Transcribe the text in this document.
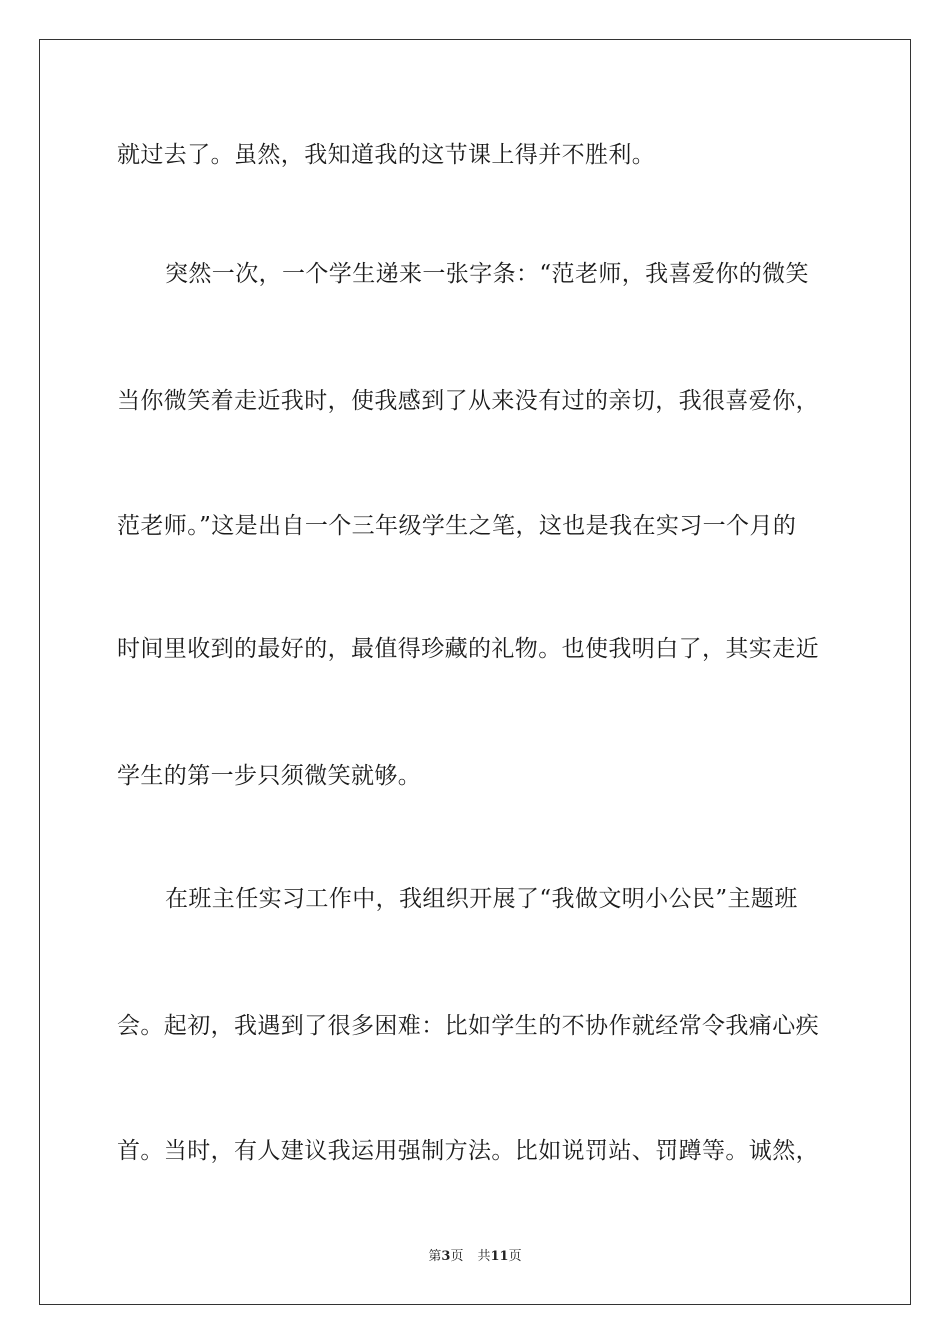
就过去了。虽然，我知道我的这节课上得并不胜利。
突然一次，一个学生递来一张字条：“范老师，我喜爱你的微笑
当你微笑着走近我时，使我感到了从来没有过的亲切，我很喜爱你，
范老师。”这是出自一个三年级学生之笔，这也是我在实习一个月的
时间里收到的最好的，最值得珍藏的礼物。也使我明白了，其实走近
学生的第一步只须微笑就够。
在班主任实习工作中，我组织开展了“我做文明小公民”主题班
会。起初，我遇到了很多困难：比如学生的不协作就经常令我痛心疾
首。当时，有人建议我运用强制方法。比如说罚站、罚蹲等。诚然，
第3页 共11页
